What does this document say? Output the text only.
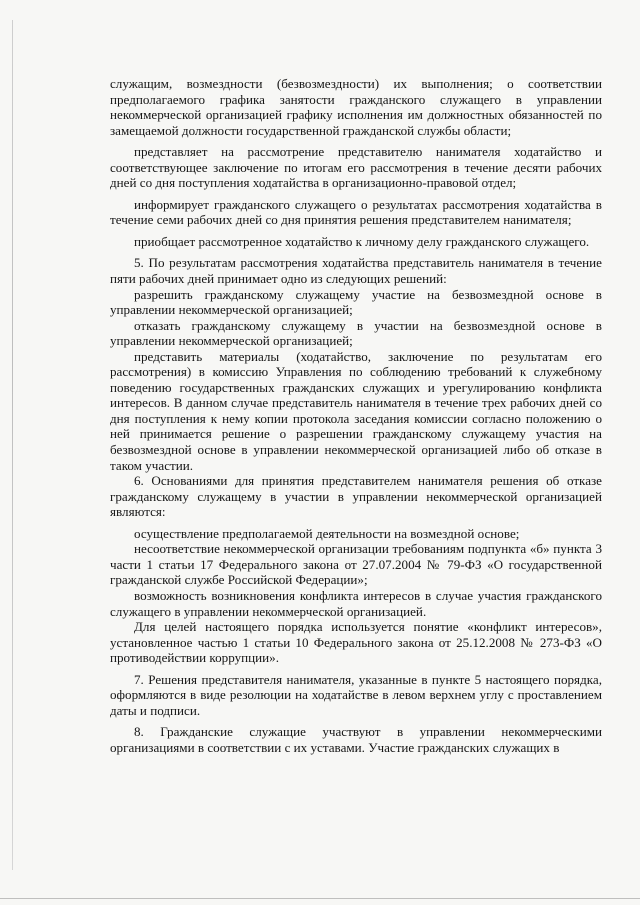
служащим, возмездности (безвозмездности) их выполнения; о соответствии предполагаемого графика занятости гражданского служащего в управлении некоммерческой организацией графику исполнения им должностных обязанностей по замещаемой должности государственной гражданской службы области;

представляет на рассмотрение представителю нанимателя ходатайство и соответствующее заключение по итогам его рассмотрения в течение десяти рабочих дней со дня поступления ходатайства в организационно-правовой отдел;

информирует гражданского служащего о результатах рассмотрения ходатайства в течение семи рабочих дней со дня принятия решения представителем нанимателя;

приобщает рассмотренное ходатайство к личному делу гражданского служащего.

5. По результатам рассмотрения ходатайства представитель нанимателя в течение пяти рабочих дней принимает одно из следующих решений:

разрешить гражданскому служащему участие на безвозмездной основе в управлении некоммерческой организацией;

отказать гражданскому служащему в участии на безвозмездной основе в управлении некоммерческой организацией;

представить материалы (ходатайство, заключение по результатам его рассмотрения) в комиссию Управления по соблюдению требований к служебному поведению государственных гражданских служащих и урегулированию конфликта интересов. В данном случае представитель нанимателя в течение трех рабочих дней со дня поступления к нему копии протокола заседания комиссии согласно положению о ней принимается решение о разрешении гражданскому служащему участия на безвозмездной основе в управлении некоммерческой организацией либо об отказе в таком участии.

6. Основаниями для принятия представителем нанимателя решения об отказе гражданскому служащему в участии в управлении некоммерческой организацией являются:

осуществление предполагаемой деятельности на возмездной основе;

несоответствие некоммерческой организации требованиям подпункта «б» пункта 3 части 1 статьи 17 Федерального закона от 27.07.2004 № 79-ФЗ «О государственной гражданской службе Российской Федерации»;

возможность возникновения конфликта интересов в случае участия гражданского служащего в управлении некоммерческой организацией.

Для целей настоящего порядка используется понятие «конфликт интересов», установленное частью 1 статьи 10 Федерального закона от 25.12.2008 № 273-ФЗ «О противодействии коррупции».

7. Решения представителя нанимателя, указанные в пункте 5 настоящего порядка, оформляются в виде резолюции на ходатайстве в левом верхнем углу с проставлением даты и подписи.

8. Гражданские служащие участвуют в управлении некоммерческими организациями в соответствии с их уставами. Участие гражданских служащих в
